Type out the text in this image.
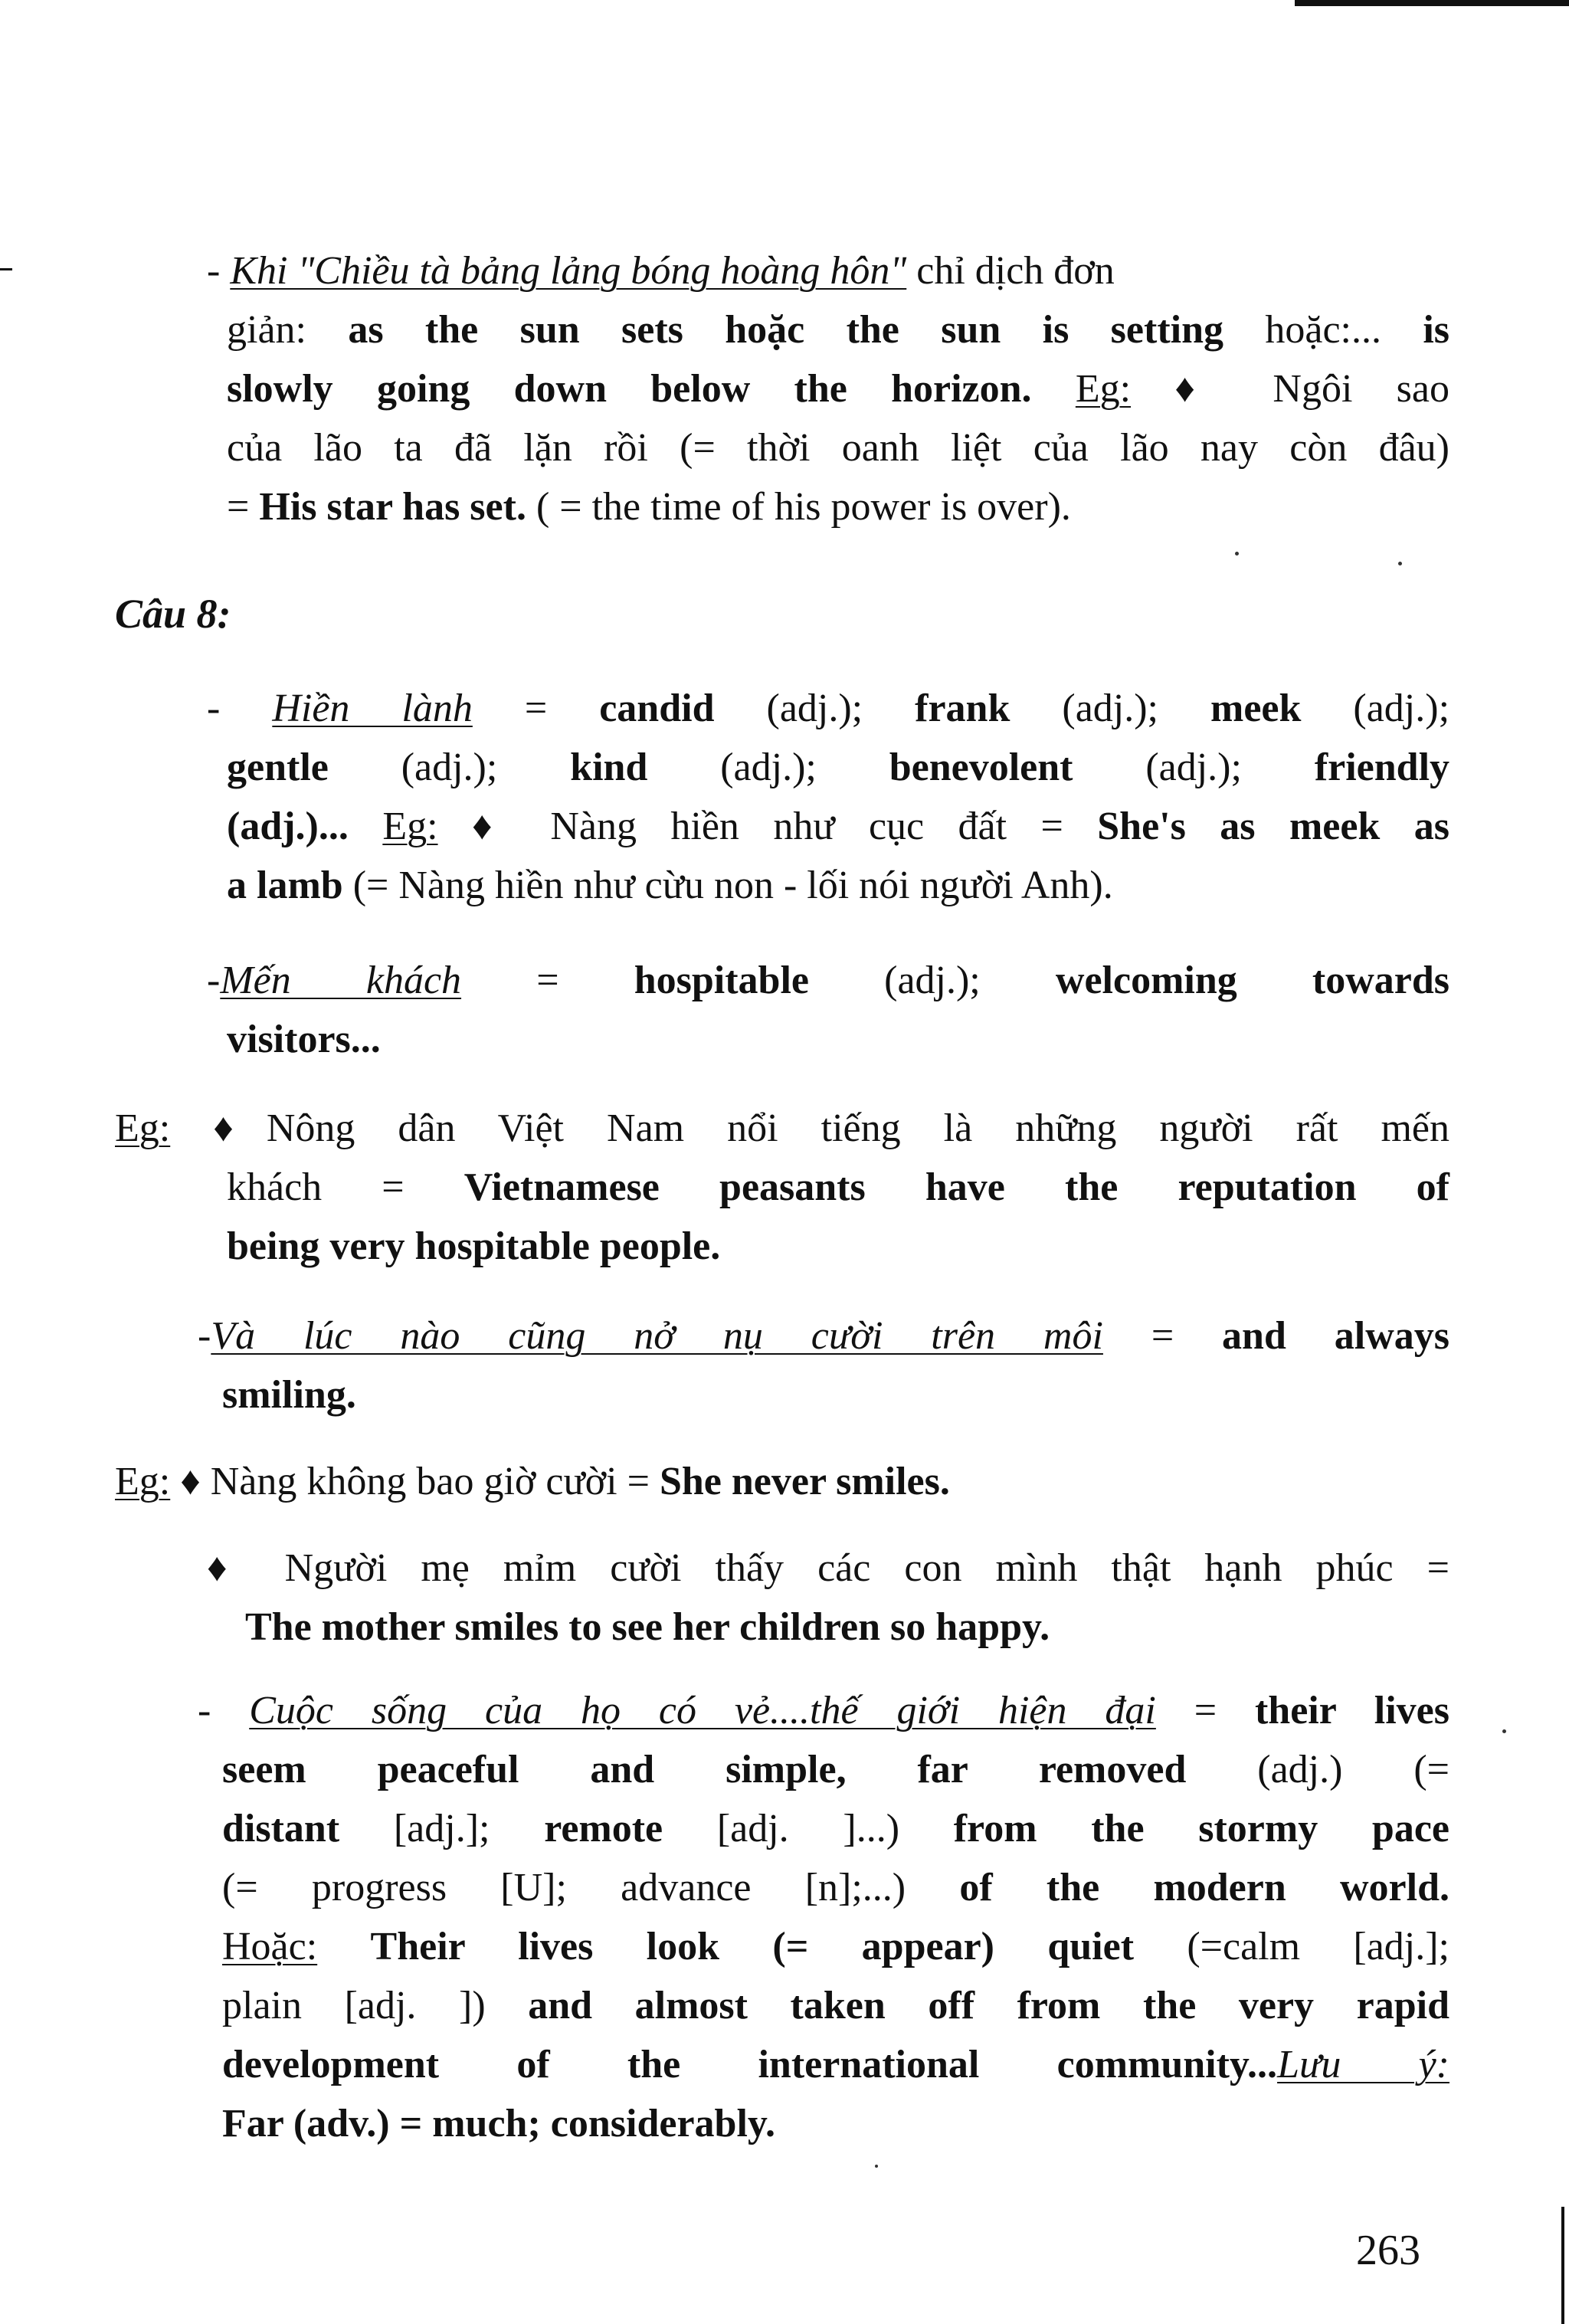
- Khi "Chiều tà bảng lảng bóng hoàng hôn" chỉ dịch đơn
giản: as the sun sets hoặc the sun is setting hoặc:... is
slowly going down below the horizon. Eg: ♦ Ngôi sao
của lão ta đã lặn rồi (= thời oanh liệt của lão nay còn đâu)
= His star has set. ( = the time of his power is over).
Câu 8:
- Hiền lành = candid (adj.); frank (adj.); meek (adj.);
gentle (adj.); kind (adj.); benevolent (adj.); friendly
(adj.)... Eg: ♦ Nàng hiền như cục đất = She's as meek as
a lamb (= Nàng hiền như cừu non - lối nói người Anh).
-Mến khách = hospitable (adj.); welcoming towards
visitors...
Eg: ♦Nông dân Việt Nam nổi tiếng là những người rất mến
khách = Vietnamese peasants have the reputation of
being very hospitable people.
-Và lúc nào cũng nở nụ cười trên môi = and always
smiling.
Eg: ♦ Nàng không bao giờ cười = She never smiles.
♦ Người mẹ mỉm cười thấy các con mình thật hạnh phúc =
The mother smiles to see her children so happy.
- Cuộc sống của họ có vẻ....thế giới hiện đại = their lives
seem peaceful and simple, far removed (adj.) (=
distant [adj.]; remote [adj. ]...) from the stormy pace
(= progress [U]; advance [n];...) of the modern world.
Hoặc: Their lives look (= appear) quiet (=calm [adj.];
plain [adj. ]) and almost taken off from the very rapid
development of the international community...Lưu ý:
Far (adv.) = much; considerably.
263
